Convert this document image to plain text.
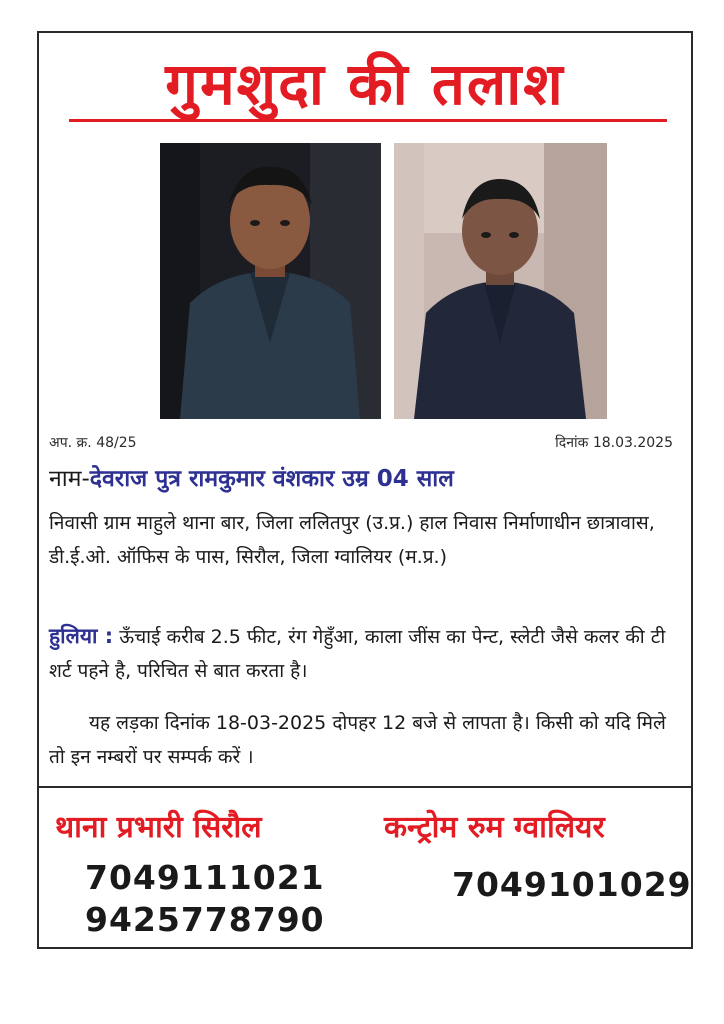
गुमशुदा की तलाश
अप. क्र. 48/25	दिनांक 18.03.2025
नाम-देवराज पुत्र रामकुमार वंशकार उम्र 04 साल
निवासी ग्राम माहुले थाना बार, जिला ललितपुर (उ.प्र.) हाल निवास निर्माणाधीन छात्रावास, डी.ई.ओ. ऑफिस के पास, सिरौल, जिला ग्वालियर (म.प्र.)
हुलिया : ऊँचाई करीब 2.5 फीट, रंग गेहुँआ, काला जींस का पेन्ट, स्लेटी जैसे कलर की टी शर्ट पहने है, परिचित से बात करता है।
यह लड़का दिनांक 18-03-2025 दोपहर 12 बजे से लापता है। किसी को यदि मिले तो इन नम्बरों पर सम्पर्क करें ।
थाना प्रभारी सिरौल	कन्ट्रोम रुम ग्वालियर
7049111021
9425778790
7049101029
